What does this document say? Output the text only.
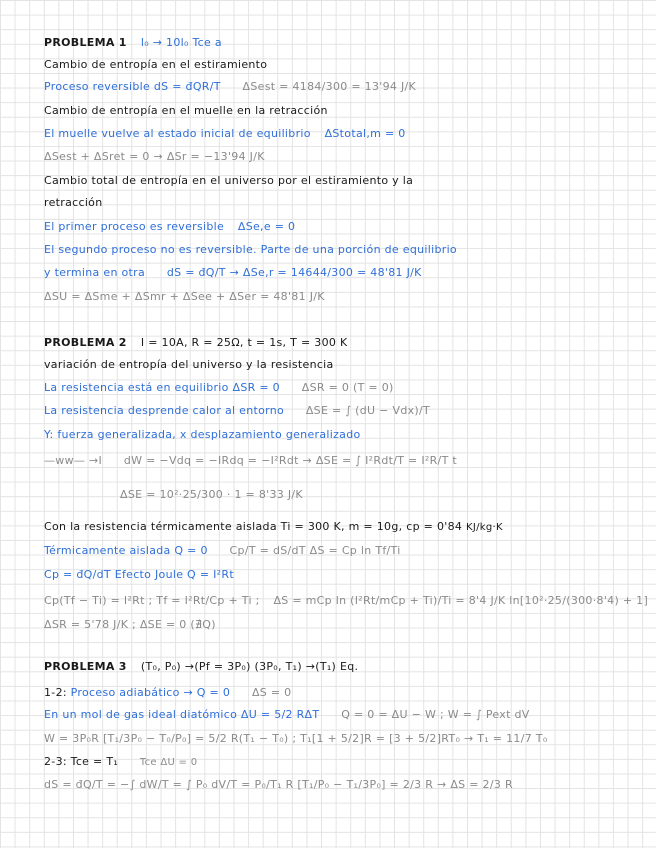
PROBLEMA 1 l₀ → 10l₀ Tce a
Cambio de entropía en el estiramiento
Proceso reversible dS = đQR/T ΔSest = 4184/300 = 13'94 J/K
Cambio de entropía en el muelle en la retracción
El muelle vuelve al estado inicial de equilibrio ΔStotal,m = 0
ΔSest + ΔSret = 0 → ΔSr = −13'94 J/K
Cambio total de entropía en el universo por el estiramiento y la
retracción
El primer proceso es reversible ΔSe,e = 0
El segundo proceso no es reversible. Parte de una porción de equilibrio
y termina en otra dS = đQ/T → ΔSe,r = 14644/300 = 48'81 J/K
ΔSU = ΔSme + ΔSmr + ΔSee + ΔSer = 48'81 J/K
PROBLEMA 2 I = 10A, R = 25Ω, t = 1s, T = 300 K
variación de entropía del universo y la resistencia
La resistencia está en equilibrio ΔSR = 0 ΔSR = 0 (T = 0)
La resistencia desprende calor al entorno ΔSE = ∫ (dU − Vdx)/T
Y: fuerza generalizada, x desplazamiento generalizado
—ᴡᴡ— →I dW = −Vdq = −IRdq = −I²Rdt → ΔSE = ∫ I²Rdt/T = I²R/T t
ΔSE = 10²·25/300 · 1 = 8'33 J/K
Con la resistencia térmicamente aislada Ti = 300 K, m = 10g, cp = 0'84 KJ/kg·K
Térmicamente aislada Q = 0 Cp/T = dS/dT ΔS = Cp ln Tf/Ti
Cp = đQ/dT Efecto Joule Q = I²Rt
Cp(Tf − Ti) = I²Rt ; Tf = I²Rt/Cp + Ti ; ΔS = mCp ln (I²Rt/mCp + Ti)/Ti = 8'4 J/K ln[10²·25/(300·8'4) + 1]
ΔSR = 5'78 J/K ; ΔSE = 0 (∄Q)
PROBLEMA 3 (T₀, P₀) →(Pf = 3P₀) (3P₀, T₁) →(T₁) Eq.
1-2: Proceso adiabático → Q = 0 ΔS = 0
En un mol de gas ideal diatómico ΔU = 5/2 RΔT Q = 0 = ΔU − W ; W = ∫ Pext dV
W = 3P₀R [T₁/3P₀ − T₀/P₀] = 5/2 R(T₁ − T₀) ; T₁[1 + 5/2]R = [3 + 5/2]RT₀ → T₁ = 11/7 T₀
2-3: Tce = T₁ Tce ΔU = 0
dS = đQ/T = −∫ dW/T = ∫ P₀ dV/T = P₀/T₁ R [T₁/P₀ − T₁/3P₀] = 2/3 R → ΔS = 2/3 R
